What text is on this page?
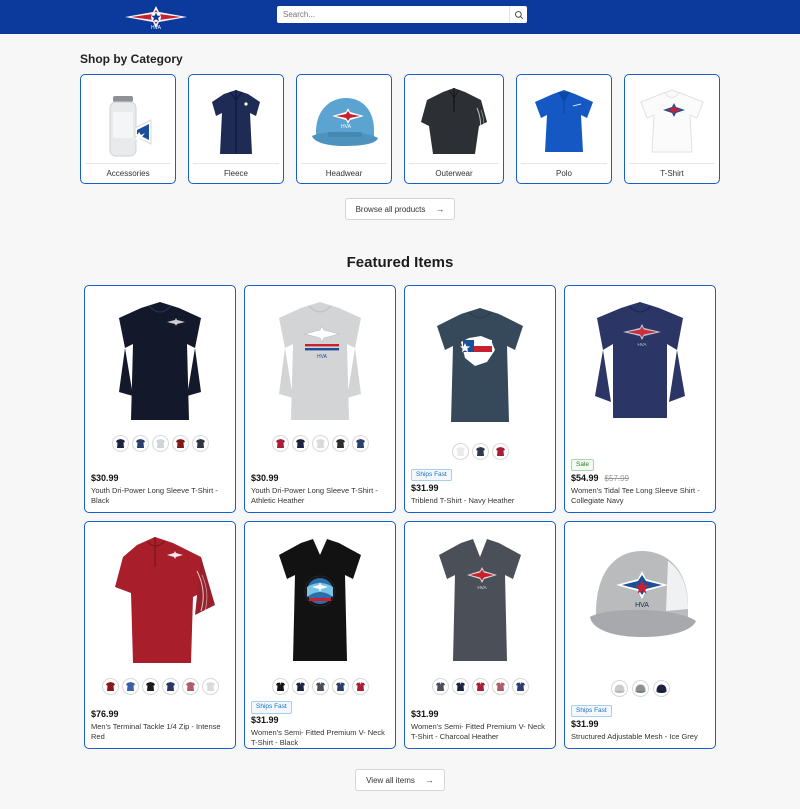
HVA
Search...
Shop by Category
Accessories	Fleece
HVA
Headwear	Outerwear	Polo	T-Shirt
Browse all products →
Featured Items
$30.99
Youth Dri-Power Long Sleeve T-Shirt - Black
HVA
$30.99
Youth Dri-Power Long Sleeve T-Shirt - Athletic Heather
Ships Fast
$31.99
Triblend T-Shirt - Navy Heather
HVA
Sale
$54.99 $57.99
Women's Tidal Tee Long Sleeve Shirt - Collegiate Navy
$76.99
Men's Terminal Tackle 1/4 Zip - Intense Red
Ships Fast
$31.99
Women's Semi- Fitted Premium V- Neck T-Shirt - Black
HVA
$31.99
Women's Semi- Fitted Premium V- Neck T-Shirt - Charcoal Heather
HVA
Ships Fast
$31.99
Structured Adjustable Mesh - Ice Grey
View all items →
